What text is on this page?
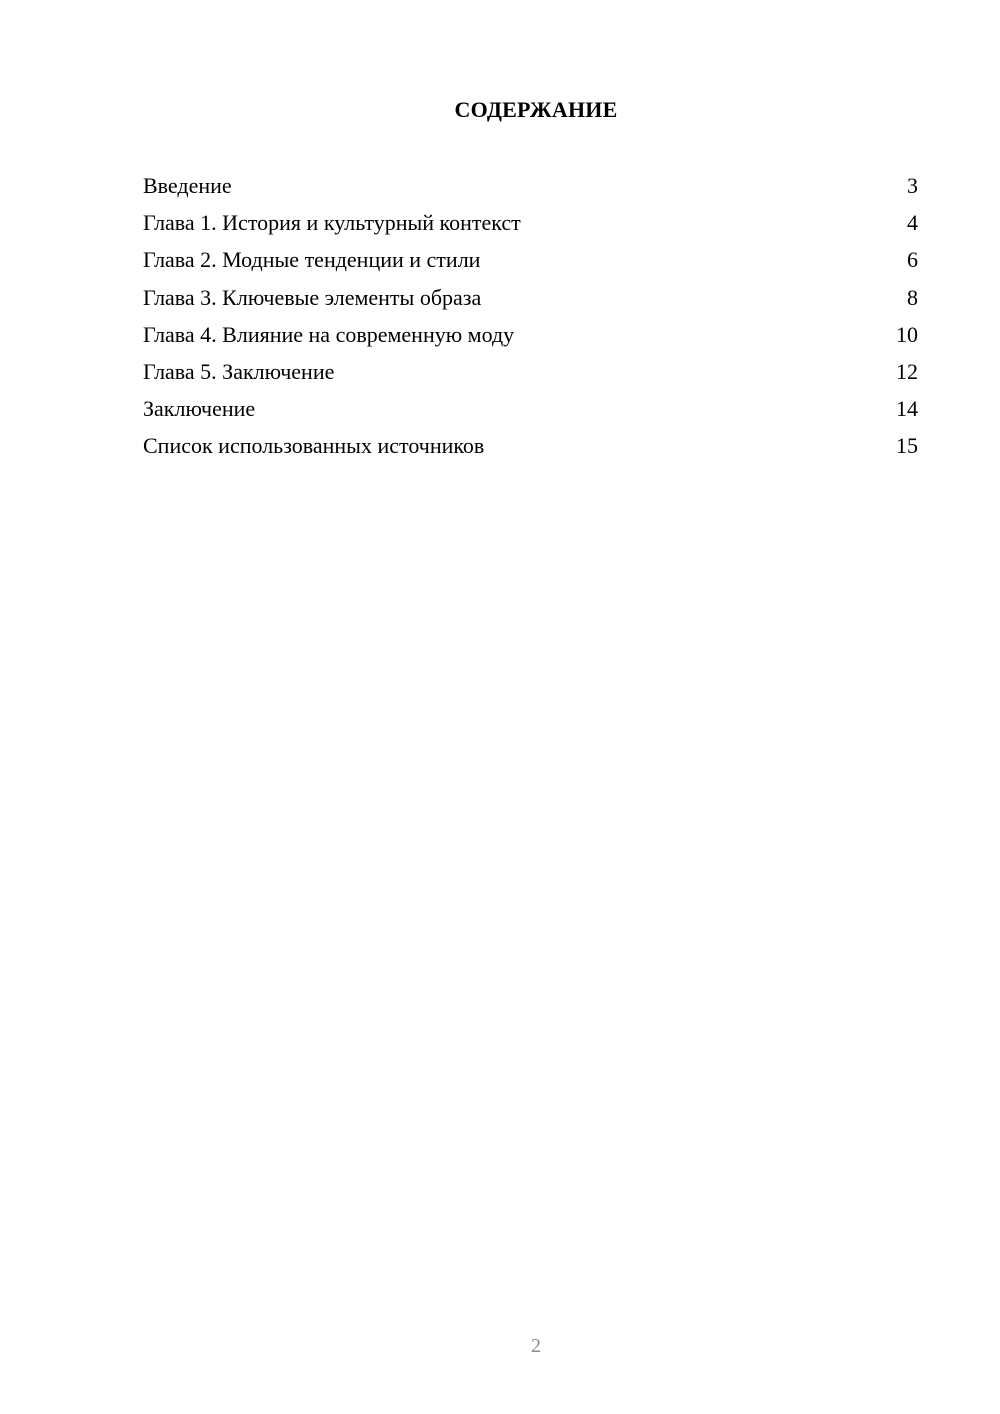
СОДЕРЖАНИЕ
Введение	3
Глава 1. История и культурный контекст	4
Глава 2. Модные тенденции и стили	6
Глава 3. Ключевые элементы образа	8
Глава 4. Влияние на современную моду	10
Глава 5. Заключение	12
Заключение	14
Список использованных источников	15
2
